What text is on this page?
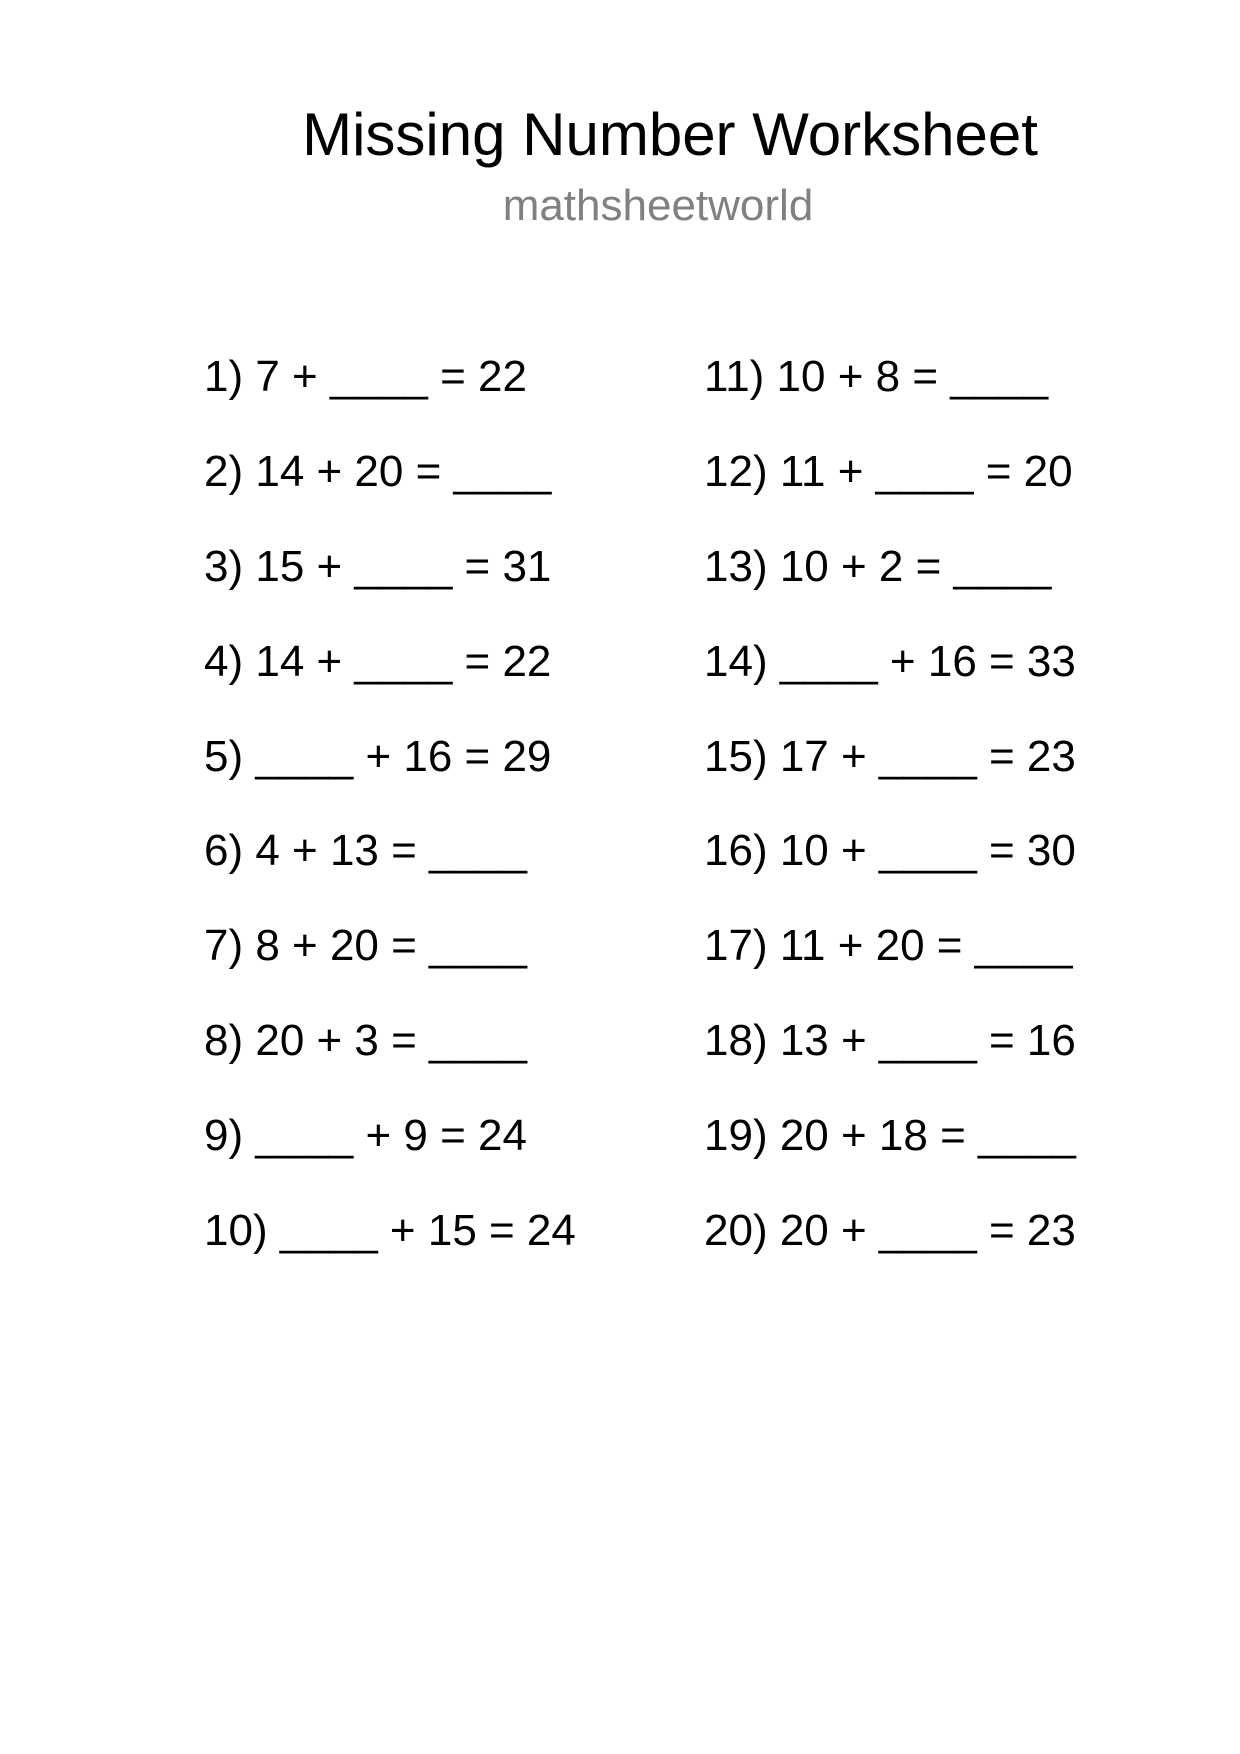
Missing Number Worksheet
mathsheetworld
1) 7 + ____ = 22
2) 14 + 20 = ____
3) 15 + ____ = 31
4) 14 + ____ = 22
5) ____ + 16 = 29
6) 4 + 13 = ____
7) 8 + 20 = ____
8) 20 + 3 = ____
9) ____ + 9 = 24
10) ____ + 15 = 24
11) 10 + 8 = ____
12) 11 + ____ = 20
13) 10 + 2 = ____
14) ____ + 16 = 33
15) 17 + ____ = 23
16) 10 + ____ = 30
17) 11 + 20 = ____
18) 13 + ____ = 16
19) 20 + 18 = ____
20) 20 + ____ = 23
